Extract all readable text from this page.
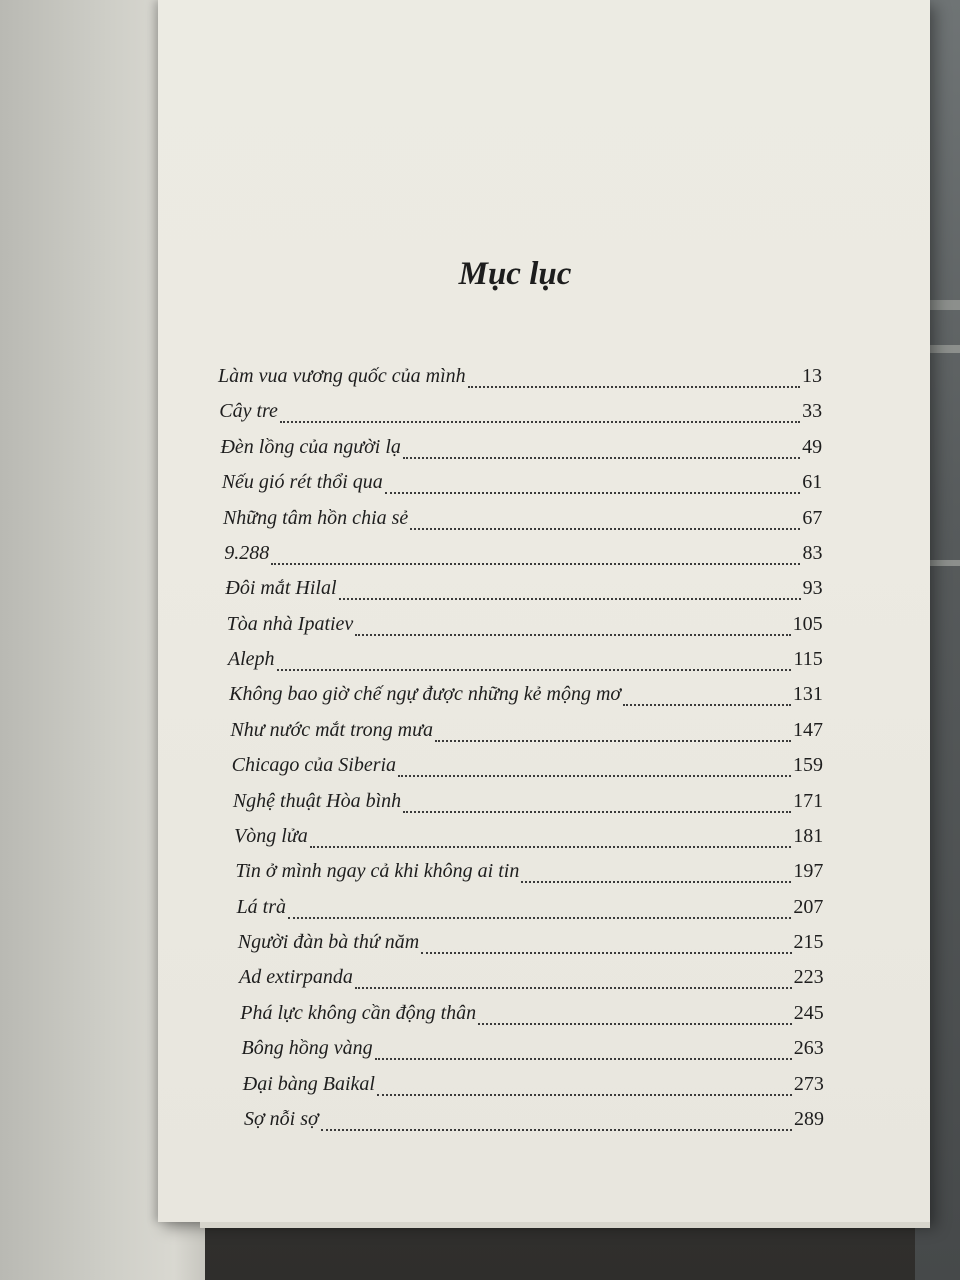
Mục lục
Làm vua vương quốc của mình	13
Cây tre	33
Đèn lồng của người lạ	49
Nếu gió rét thổi qua	61
Những tâm hồn chia sẻ	67
9.288	83
Đôi mắt Hilal	93
Tòa nhà Ipatiev	105
Aleph	115
Không bao giờ chế ngự được những kẻ mộng mơ	131
Như nước mắt trong mưa	147
Chicago của Siberia	159
Nghệ thuật Hòa bình	171
Vòng lửa	181
Tin ở mình ngay cả khi không ai tin	197
Lá trà	207
Người đàn bà thứ năm	215
Ad extirpanda	223
Phá lực không cần động thân	245
Bông hồng vàng	263
Đại bàng Baikal	273
Sợ nỗi sợ	289
